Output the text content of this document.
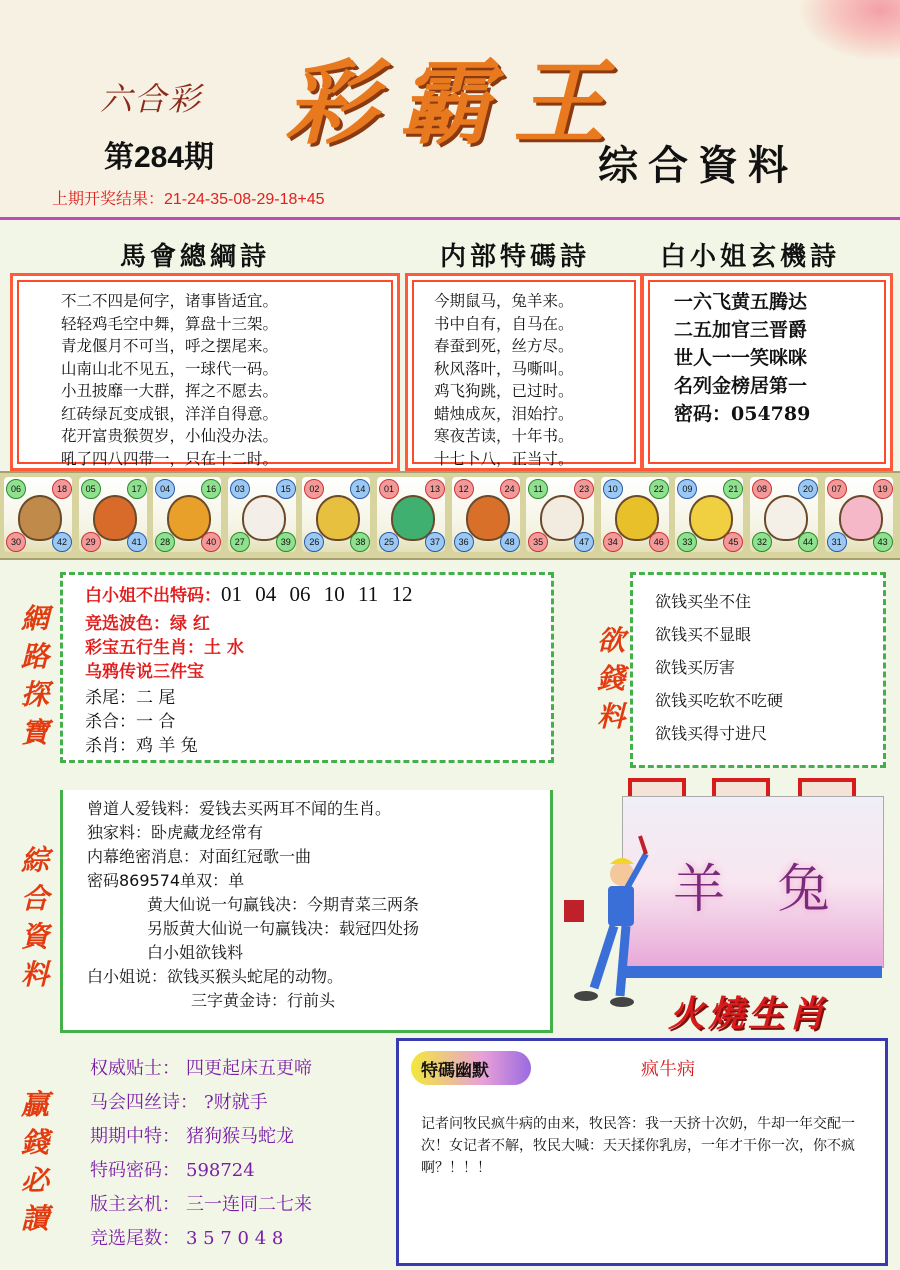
六合彩
第284期
彩霸王
综合資料
上期开奖结果：21-24-35-08-29-18+45
馬會總綱詩	内部特碼詩	白小姐玄機詩
不二不四是何字，诸事皆适宜。
轻轻鸡毛空中舞，算盘十三架。
青龙偃月不可当，呼之摆尾来。
山南山北不见五，一球代一码。
小丑披靡一大群，挥之不愿去。
红砖绿瓦变成银，洋洋自得意。
花开富贵猴贺岁，小仙没办法。
吼了四八四带一，只在十二时。
今期鼠马，兔羊来。
书中自有，自马在。
春蚕到死，丝方尽。
秋风落叶，马嘶叫。
鸡飞狗跳，已过时。
蜡烛成灰，泪始拧。
寒夜苦读，十年书。
十七卜八，正当寸。
一六飞黄五腾达
二五加官三晋爵
世人一一笑咪咪
名列金榜居第一
密码：054789
06	18
30	42
05	17
29	41
04	16
28	40
03	15
27	39
02	14
26	38
01	13
25	37
12	24
36	48
11	23
35	47
10	22
34	46
09	21
33	45
08	20
32	44
07	19
31	43
網路探寶
白小姐不出特码：01 04 06 10 11 12
竞选波色：绿 红
彩宝五行生肖：土 水
乌鸦传说三件宝
杀尾：二 尾
杀合：一 合
杀肖：鸡 羊 兔
欲錢料
欲钱买坐不住
欲钱买不显眼
欲钱买厉害
欲钱买吃软不吃硬
欲钱买得寸进尺
綜合資料
曾道人爱钱料：爱钱去买两耳不闻的生肖。
独家料：卧虎藏龙经常有
内幕绝密消息：对面红冠歌一曲
密码869574单双：单
黄大仙说一句赢钱决：今期青菜三两条
另版黄大仙说一句赢钱决：载冠四处扬
白小姐欲钱料
白小姐说：欲钱买猴头蛇尾的动物。
三字黄金诗：行前头
羊 兔
火燒生肖
贏錢必讀
权威贴士： 四更起床五更啼
马会四丝诗： ?财就手
期期中特： 猪狗猴马蛇龙
特码密码： 598724
版主玄机： 三一连同二七来
竞选尾数： 3 5 7 0 4 8
特碼幽默	疯牛病
记者问牧民疯牛病的由来，牧民答：我一天挤十次奶，牛却一年交配一次！女记者不解，牧民大喊：天天揉你乳房，一年才干你一次，你不疯啊？！！！
